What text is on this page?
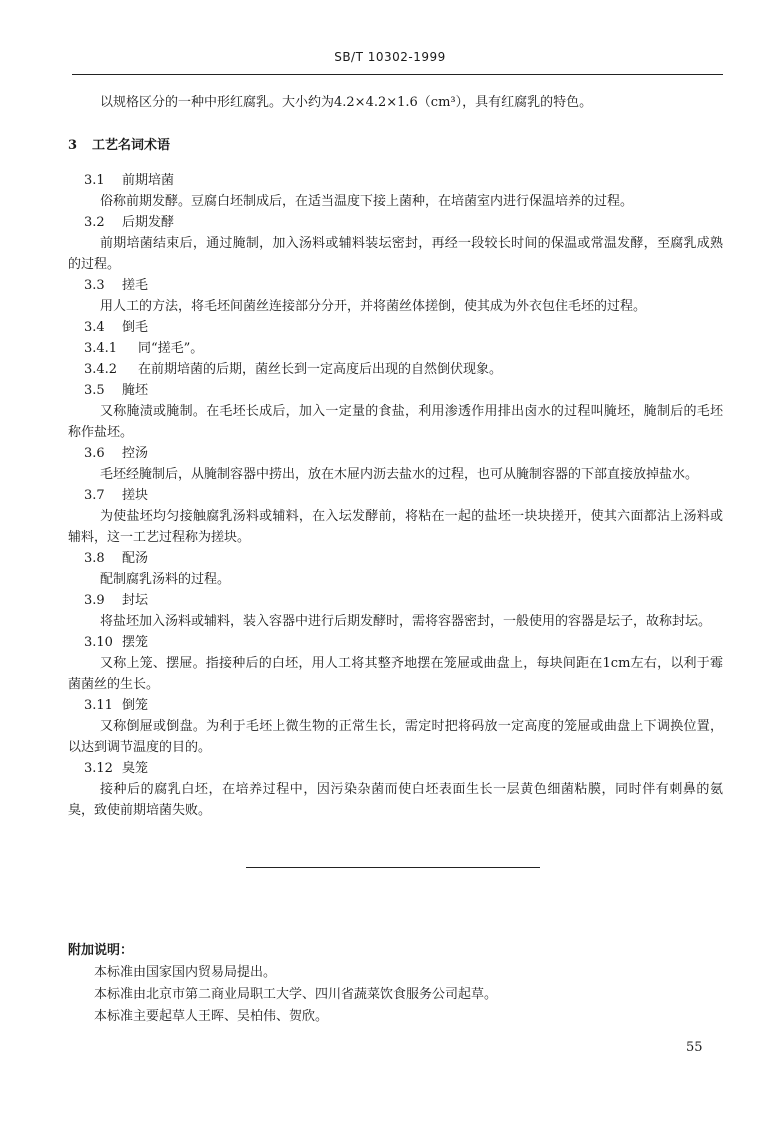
SB/T 10302-1999
以规格区分的一种中形红腐乳。大小约为4.2×4.2×1.6（cm³），具有红腐乳的特色。
3 工艺名词术语
3.1 前期培菌
俗称前期发酵。豆腐白坯制成后，在适当温度下接上菌种，在培菌室内进行保温培养的过程。
3.2 后期发酵
前期培菌结束后，通过腌制，加入汤料或辅料装坛密封，再经一段较长时间的保温或常温发酵，至腐乳成熟的过程。
3.3 搓毛
用人工的方法，将毛坯间菌丝连接部分分开，并将菌丝体搓倒，使其成为外衣包住毛坯的过程。
3.4 倒毛
3.4.1 同“搓毛”。
3.4.2 在前期培菌的后期，菌丝长到一定高度后出现的自然倒伏现象。
3.5 腌坯
又称腌渍或腌制。在毛坯长成后，加入一定量的食盐，利用渗透作用排出卤水的过程叫腌坯，腌制后的毛坯称作盐坯。
3.6 控汤
毛坯经腌制后，从腌制容器中捞出，放在木屉内沥去盐水的过程，也可从腌制容器的下部直接放掉盐水。
3.7 搓块
为使盐坯均匀接触腐乳汤料或辅料，在入坛发酵前，将粘在一起的盐坯一块块搓开，使其六面都沾上汤料或辅料，这一工艺过程称为搓块。
3.8 配汤
配制腐乳汤料的过程。
3.9 封坛
将盐坯加入汤料或辅料，装入容器中进行后期发酵时，需将容器密封，一般使用的容器是坛子，故称封坛。
3.10 摆笼
又称上笼、摆屉。指接种后的白坯，用人工将其整齐地摆在笼屉或曲盘上，每块间距在1cm左右，以利于霉菌菌丝的生长。
3.11 倒笼
又称倒屉或倒盘。为利于毛坯上微生物的正常生长，需定时把将码放一定高度的笼屉或曲盘上下调换位置，以达到调节温度的目的。
3.12 臭笼
接种后的腐乳白坯，在培养过程中，因污染杂菌而使白坯表面生长一层黄色细菌粘膜，同时伴有刺鼻的氨臭，致使前期培菌失败。
附加说明：
本标准由国家国内贸易局提出。
本标准由北京市第二商业局职工大学、四川省蔬菜饮食服务公司起草。
本标准主要起草人王晖、吴柏伟、贺欣。
55
